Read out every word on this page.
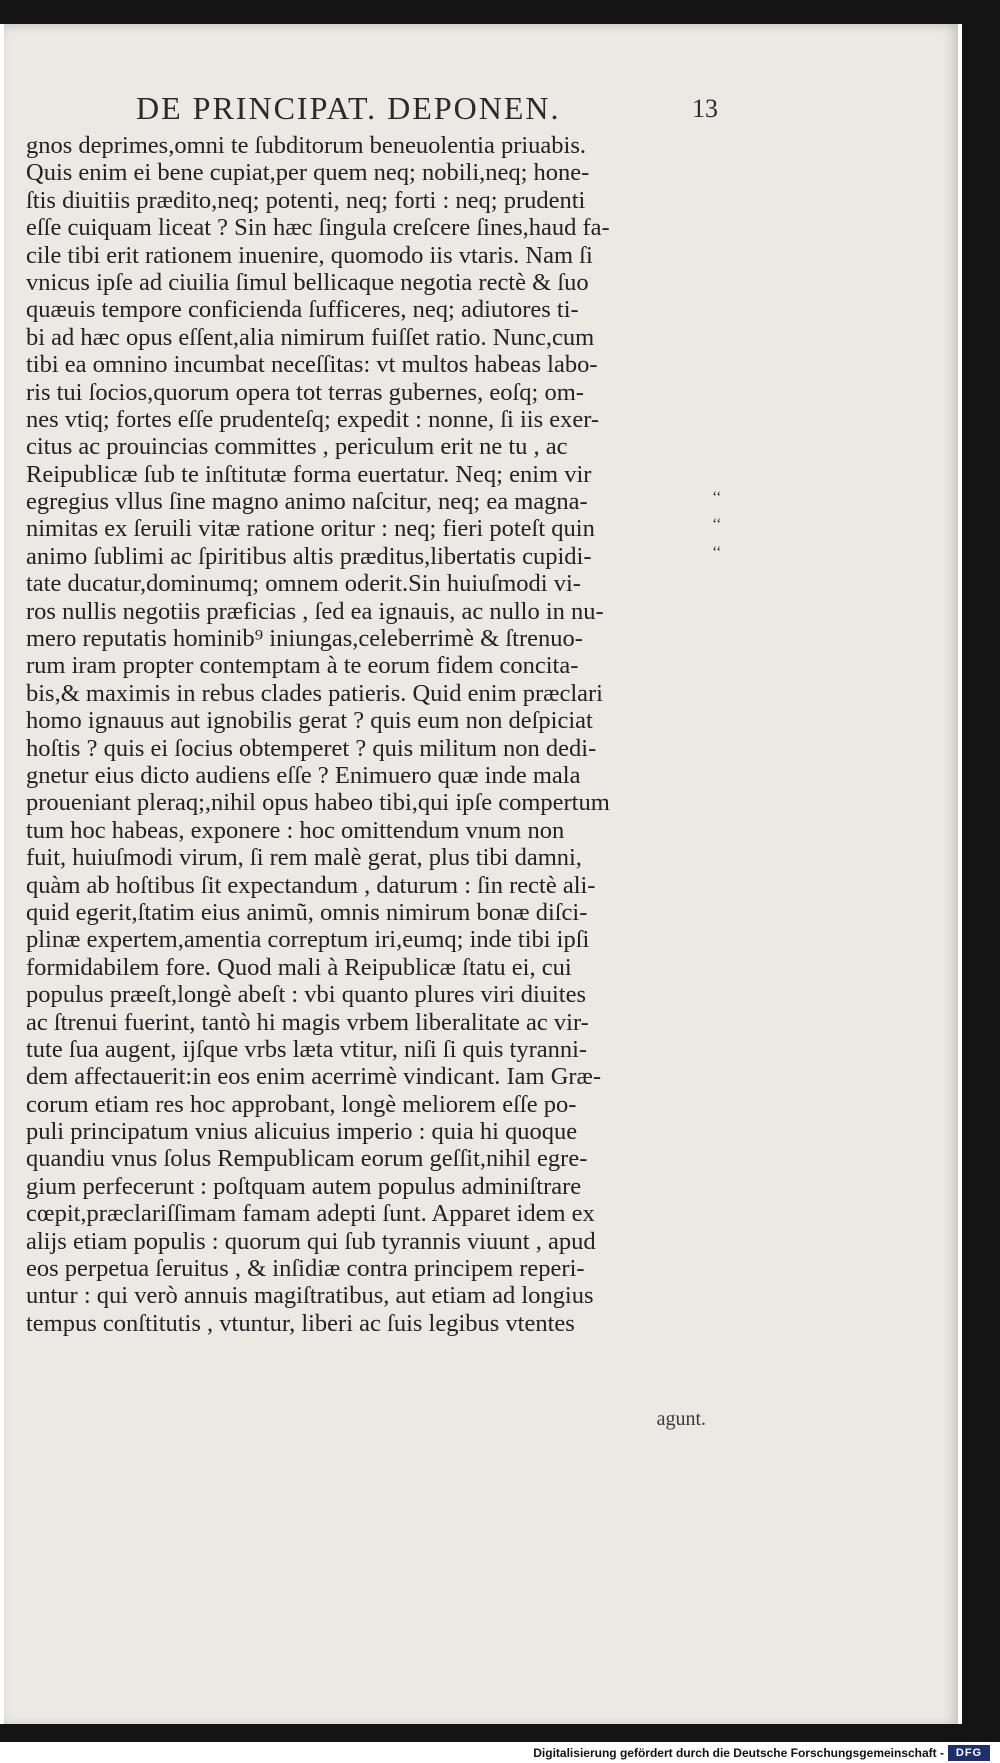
DE PRINCIPAT. DEPONEN.	13
gnos deprimes,omni te ſubditorum beneuolentia priuabis.
Quis enim ei bene cupiat,per quem neq; nobili,neq; hone-
ſtis diuitiis prædito,neq; potenti, neq; forti : neq; prudenti
eſſe cuiquam liceat ? Sin hæc ſingula creſcere ſines,haud fa-
cile tibi erit rationem inuenire, quomodo iis vtaris. Nam ſi
vnicus ipſe ad ciuilia ſimul bellicaque negotia rectè & ſuo
quæuis tempore conficienda ſufficeres, neq; adiutores ti-
bi ad hæc opus eſſent,alia nimirum fuiſſet ratio. Nunc,cum
tibi ea omnino incumbat neceſſitas: vt multos habeas labo-
ris tui ſocios,quorum opera tot terras gubernes, eoſq; om-
nes vtiq; fortes eſſe prudenteſq; expedit : nonne, ſi iis exer-
citus ac prouincias committes , periculum erit ne tu , ac
Reipublicæ ſub te inſtitutæ forma euertatur. Neq; enim vir
egregius vllus ſine magno animo naſcitur, neq; ea magna-
nimitas ex ſeruili vitæ ratione oritur : neq; fieri poteſt quin
animo ſublimi ac ſpiritibus altis præditus,libertatis cupidi-
tate ducatur,dominumq; omnem oderit.Sin huiuſmodi vi-
ros nullis negotiis præficias , ſed ea ignauis, ac nullo in nu-
mero reputatis hominib⁹ iniungas,celeberrimè & ſtrenuo-
rum iram propter contemptam à te eorum fidem concita-
bis,& maximis in rebus clades patieris. Quid enim præclari
homo ignauus aut ignobilis gerat ? quis eum non deſpiciat
hoſtis ? quis ei ſocius obtemperet ? quis militum non dedi-
gnetur eius dicto audiens eſſe ? Enimuero quæ inde mala
proueniant pleraq;,nihil opus habeo tibi,qui ipſe compertum
tum hoc habeas, exponere : hoc omittendum vnum non
fuit, huiuſmodi virum, ſi rem malè gerat, plus tibi damni,
quàm ab hoſtibus ſit expectandum , daturum : ſin rectè ali-
quid egerit,ſtatim eius animũ, omnis nimirum bonæ diſci-
plinæ expertem,amentia correptum iri,eumq; inde tibi ipſi
formidabilem fore. Quod mali à Reipublicæ ſtatu ei, cui
populus præeſt,longè abeſt : vbi quanto plures viri diuites
ac ſtrenui fuerint, tantò hi magis vrbem liberalitate ac vir-
tute ſua augent, ijſque vrbs læta vtitur, niſi ſi quis tyranni-
dem affectauerit:in eos enim acerrimè vindicant. Iam Græ-
corum etiam res hoc approbant, longè meliorem eſſe po-
puli principatum vnius alicuius imperio : quia hi quoque
quandiu vnus ſolus Rempublicam eorum geſſit,nihil egre-
gium perfecerunt : poſtquam autem populus adminiſtrare
cœpit,præclariſſimam famam adepti ſunt. Apparet idem ex
alijs etiam populis : quorum qui ſub tyrannis viuunt , apud
eos perpetua ſeruitus , & inſidiæ contra principem reperi-
untur : qui verò annuis magiſtratibus, aut etiam ad longius
tempus conſtitutis , vtuntur, liberi ac ſuis legibus vtentes
‘‘
‘‘
‘‘
agunt.
Digitalisierung gefördert durch die Deutsche Forschungsgemeinschaft -	DFG
